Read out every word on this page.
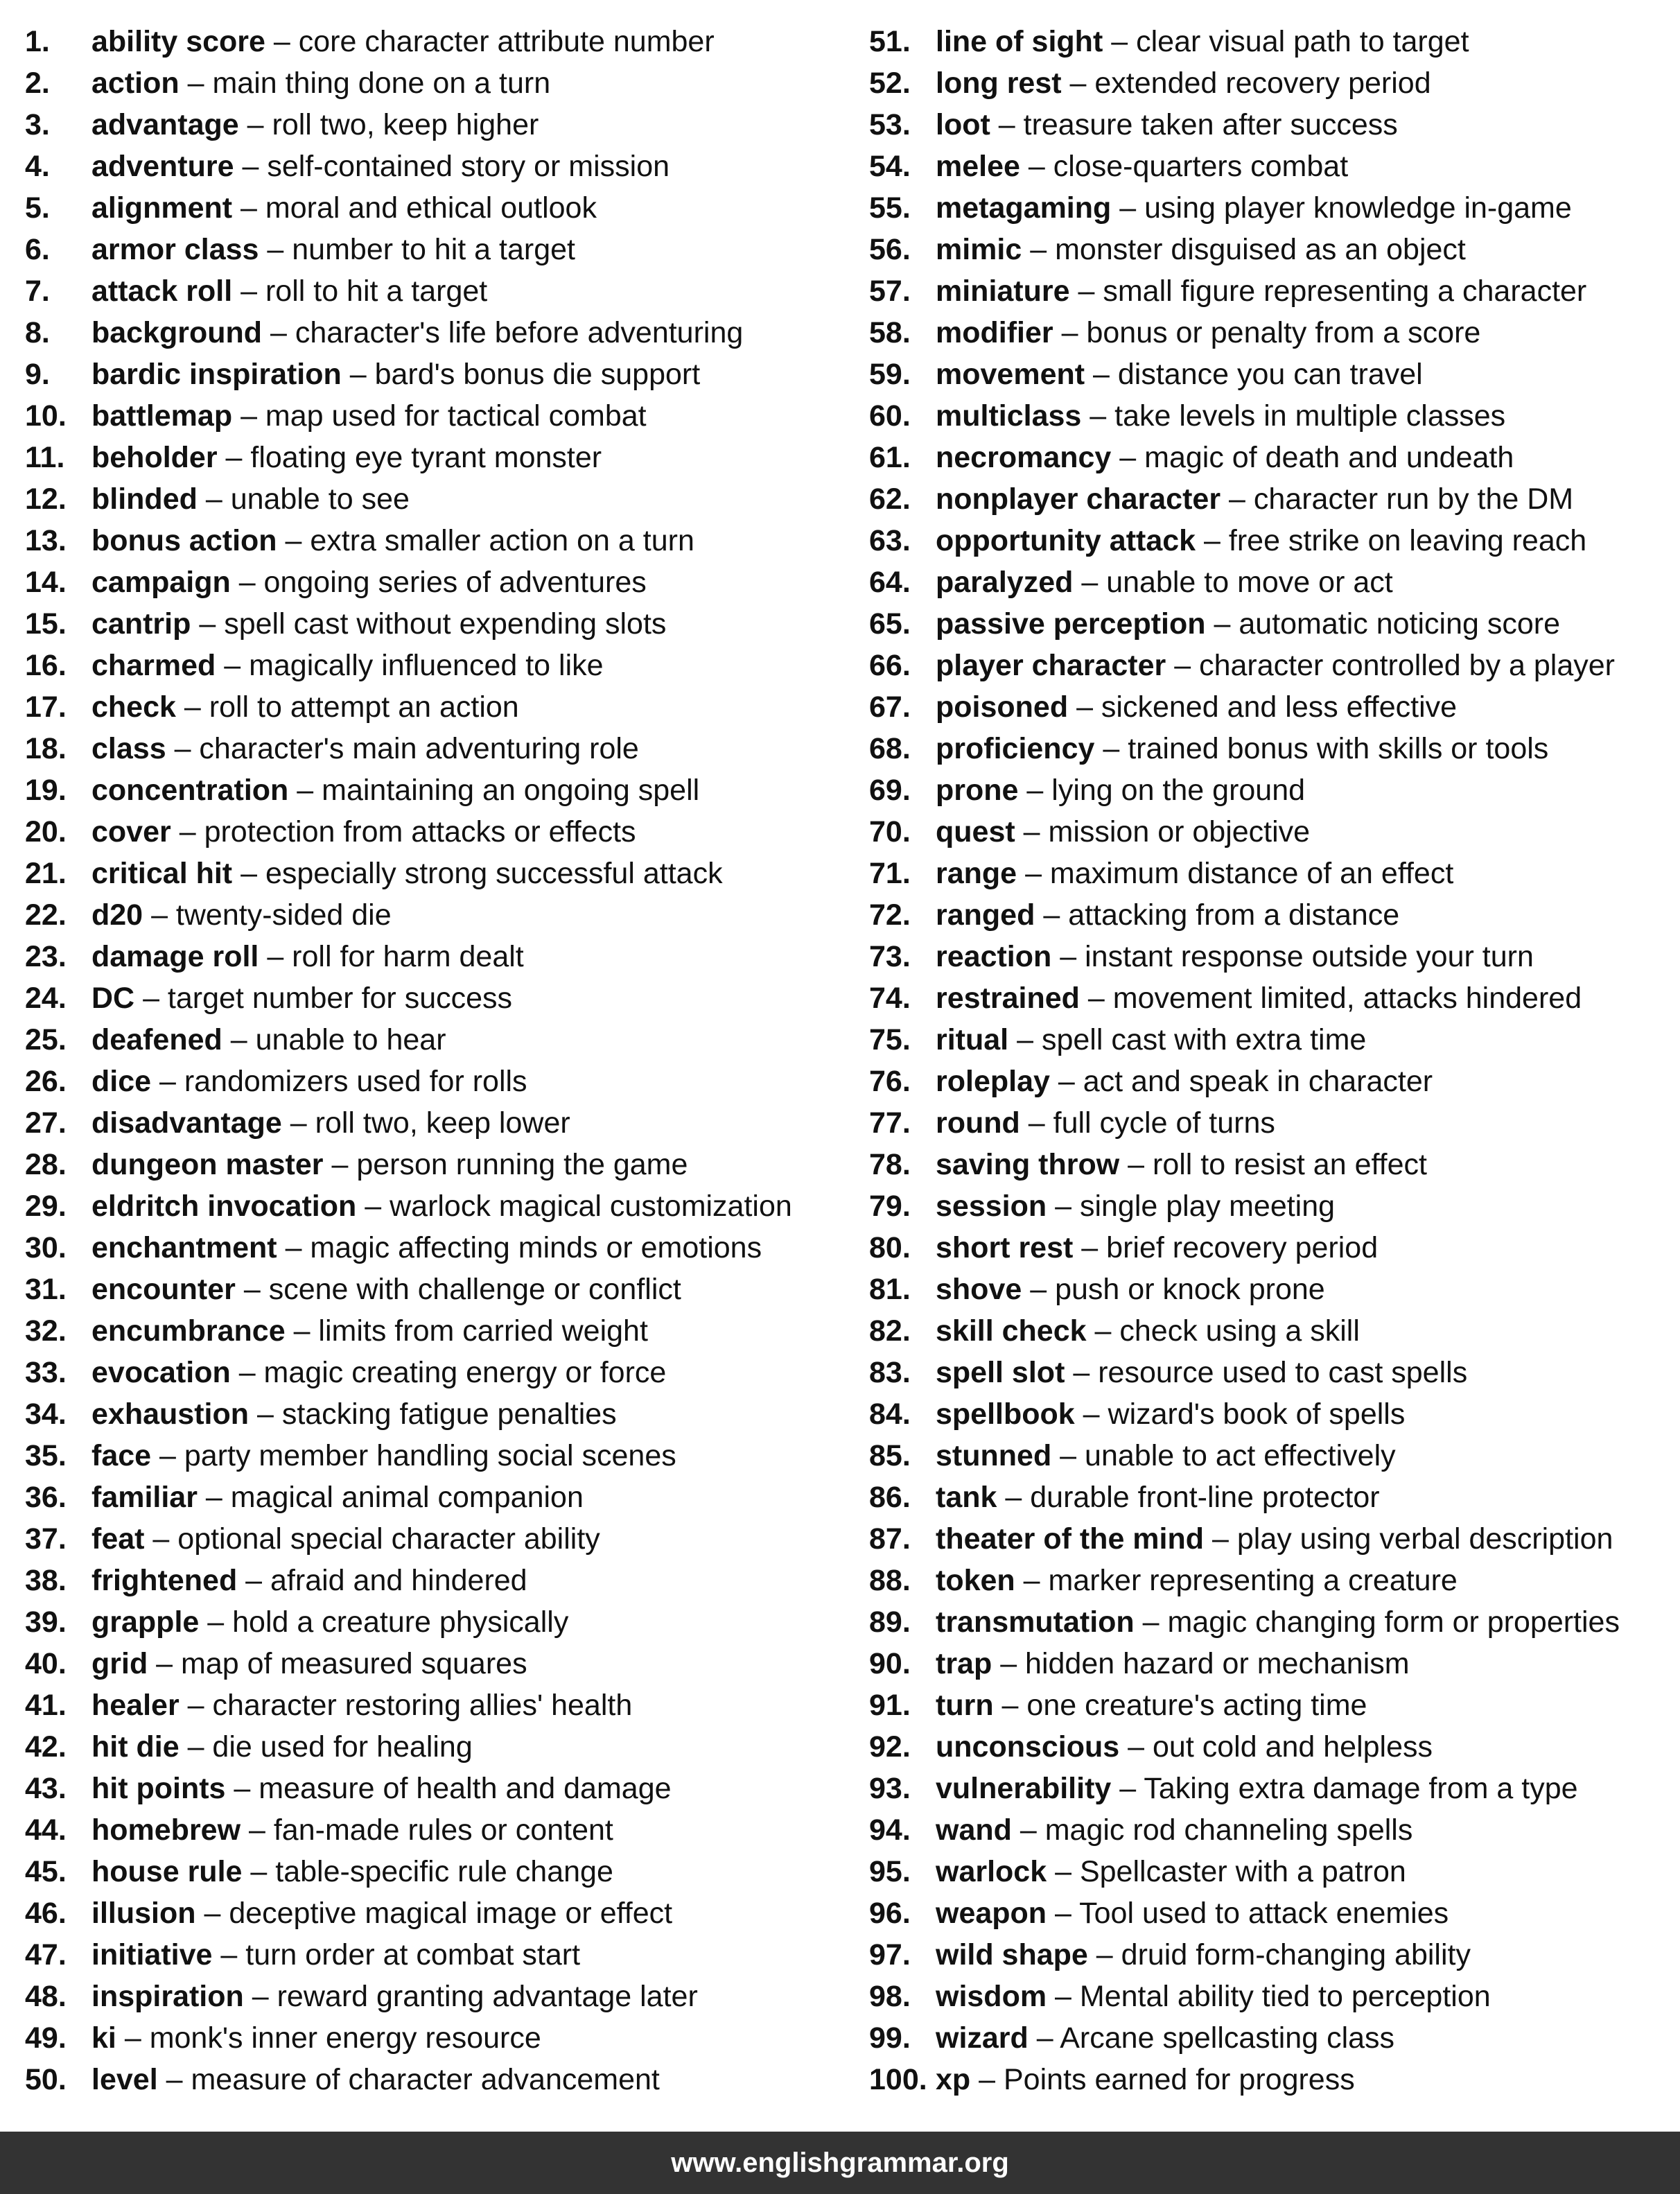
1. ability score – core character attribute number
2. action – main thing done on a turn
3. advantage – roll two, keep higher
4. adventure – self-contained story or mission
5. alignment – moral and ethical outlook
6. armor class – number to hit a target
7. attack roll – roll to hit a target
8. background – character's life before adventuring
9. bardic inspiration – bard's bonus die support
10. battlemap – map used for tactical combat
11. beholder – floating eye tyrant monster
12. blinded – unable to see
13. bonus action – extra smaller action on a turn
14. campaign – ongoing series of adventures
15. cantrip – spell cast without expending slots
16. charmed – magically influenced to like
17. check – roll to attempt an action
18. class – character's main adventuring role
19. concentration – maintaining an ongoing spell
20. cover – protection from attacks or effects
21. critical hit – especially strong successful attack
22. d20 – twenty-sided die
23. damage roll – roll for harm dealt
24. DC – target number for success
25. deafened – unable to hear
26. dice – randomizers used for rolls
27. disadvantage – roll two, keep lower
28. dungeon master – person running the game
29. eldritch invocation – warlock magical customization
30. enchantment – magic affecting minds or emotions
31. encounter – scene with challenge or conflict
32. encumbrance – limits from carried weight
33. evocation – magic creating energy or force
34. exhaustion – stacking fatigue penalties
35. face – party member handling social scenes
36. familiar – magical animal companion
37. feat – optional special character ability
38. frightened – afraid and hindered
39. grapple – hold a creature physically
40. grid – map of measured squares
41. healer – character restoring allies' health
42. hit die – die used for healing
43. hit points – measure of health and damage
44. homebrew – fan-made rules or content
45. house rule – table-specific rule change
46. illusion – deceptive magical image or effect
47. initiative – turn order at combat start
48. inspiration – reward granting advantage later
49. ki – monk's inner energy resource
50. level – measure of character advancement
51. line of sight – clear visual path to target
52. long rest – extended recovery period
53. loot – treasure taken after success
54. melee – close-quarters combat
55. metagaming – using player knowledge in-game
56. mimic – monster disguised as an object
57. miniature – small figure representing a character
58. modifier – bonus or penalty from a score
59. movement – distance you can travel
60. multiclass – take levels in multiple classes
61. necromancy – magic of death and undeath
62. nonplayer character – character run by the DM
63. opportunity attack – free strike on leaving reach
64. paralyzed – unable to move or act
65. passive perception – automatic noticing score
66. player character – character controlled by a player
67. poisoned – sickened and less effective
68. proficiency – trained bonus with skills or tools
69. prone – lying on the ground
70. quest – mission or objective
71. range – maximum distance of an effect
72. ranged – attacking from a distance
73. reaction – instant response outside your turn
74. restrained – movement limited, attacks hindered
75. ritual – spell cast with extra time
76. roleplay – act and speak in character
77. round – full cycle of turns
78. saving throw – roll to resist an effect
79. session – single play meeting
80. short rest – brief recovery period
81. shove – push or knock prone
82. skill check – check using a skill
83. spell slot – resource used to cast spells
84. spellbook – wizard's book of spells
85. stunned – unable to act effectively
86. tank – durable front-line protector
87. theater of the mind – play using verbal description
88. token – marker representing a creature
89. transmutation – magic changing form or properties
90. trap – hidden hazard or mechanism
91. turn – one creature's acting time
92. unconscious – out cold and helpless
93. vulnerability – Taking extra damage from a type
94. wand – magic rod channeling spells
95. warlock – Spellcaster with a patron
96. weapon – Tool used to attack enemies
97. wild shape – druid form-changing ability
98. wisdom – Mental ability tied to perception
99. wizard – Arcane spellcasting class
100. xp – Points earned for progress
www.englishgrammar.org
